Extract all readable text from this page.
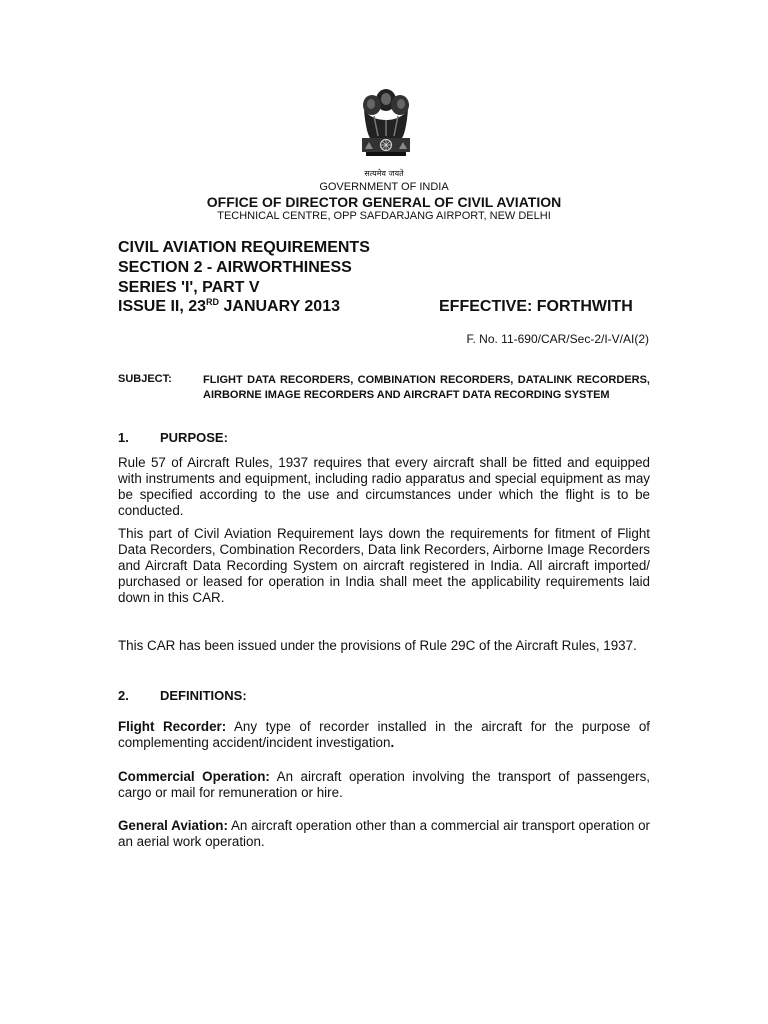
सत्यमेव जयते
GOVERNMENT OF INDIA
OFFICE OF DIRECTOR GENERAL OF CIVIL AVIATION
TECHNICAL CENTRE, OPP SAFDARJANG AIRPORT, NEW DELHI
CIVIL AVIATION REQUIREMENTS
SECTION 2 - AIRWORTHINESS
SERIES 'I', PART V
ISSUE II, 23RD JANUARY 2013	EFFECTIVE: FORTHWITH
F. No. 11-690/CAR/Sec-2/I-V/AI(2)
SUBJECT:	FLIGHT DATA RECORDERS, COMBINATION RECORDERS, DATALINK RECORDERS, AIRBORNE IMAGE RECORDERS AND AIRCRAFT DATA RECORDING SYSTEM
1. PURPOSE:
Rule 57 of Aircraft Rules, 1937 requires that every aircraft shall be fitted and equipped with instruments and equipment, including radio apparatus and special equipment as may be specified according to the use and circumstances under which the flight is to be conducted.
This part of Civil Aviation Requirement lays down the requirements for fitment of Flight Data Recorders, Combination Recorders, Data link Recorders, Airborne Image Recorders and Aircraft Data Recording System on aircraft registered in India. All aircraft imported/ purchased or leased for operation in India shall meet the applicability requirements laid down in this CAR.
This CAR has been issued under the provisions of Rule 29C of the Aircraft Rules, 1937.
2. DEFINITIONS:
Flight Recorder: Any type of recorder installed in the aircraft for the purpose of complementing accident/incident investigation.
Commercial Operation: An aircraft operation involving the transport of passengers, cargo or mail for remuneration or hire.
General Aviation: An aircraft operation other than a commercial air transport operation or an aerial work operation.
